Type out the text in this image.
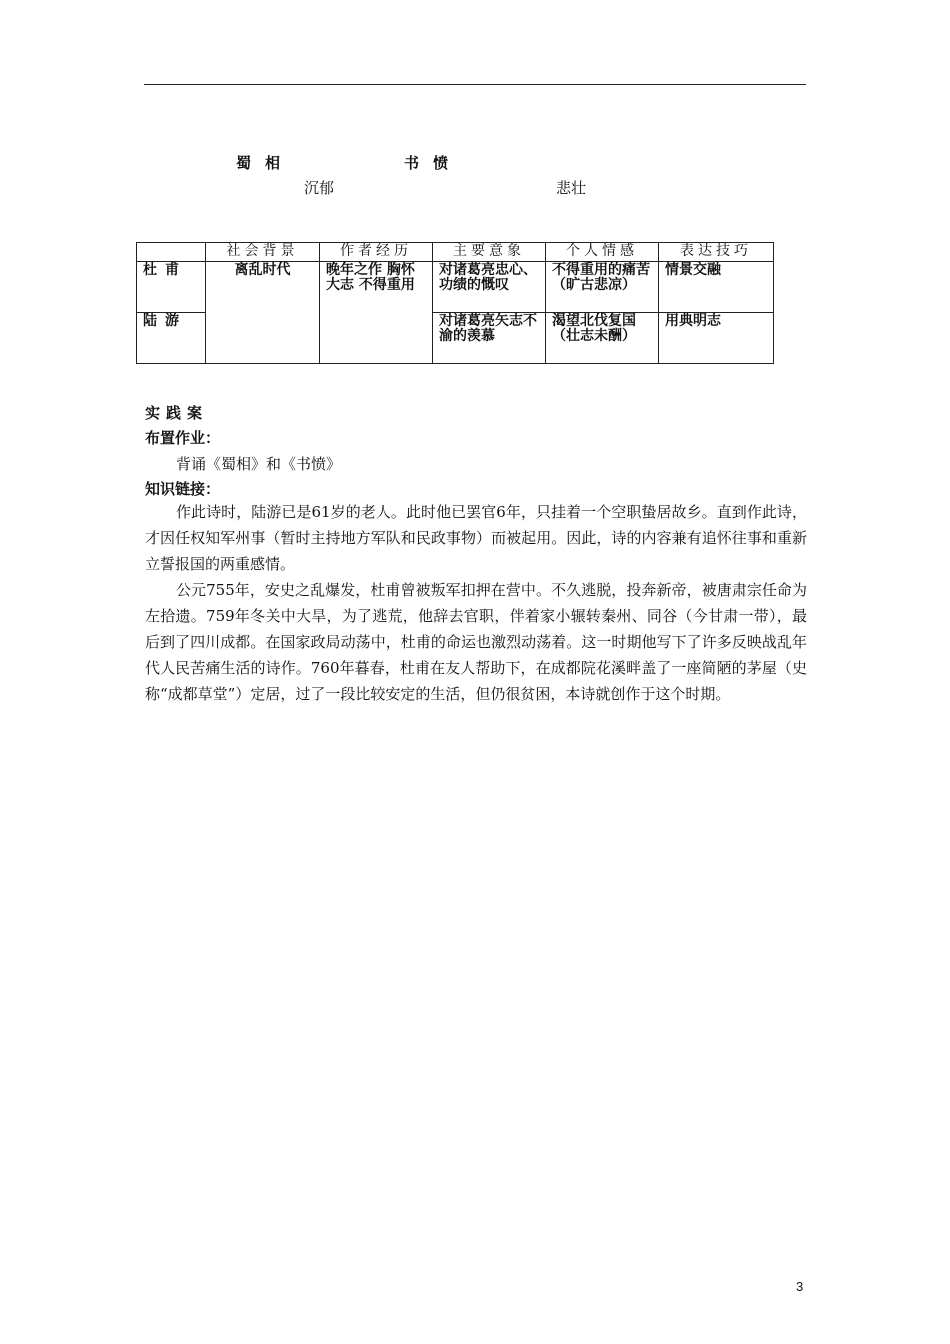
蜀相	书愤
沉郁	悲壮
	社会背景	作者经历	主要意象	个人情感	表达技巧
杜甫	离乱时代	晚年之作 胸怀大志 不得重用	对诸葛亮忠心、功绩的慨叹	不得重用的痛苦（旷古悲凉）	情景交融
陆游			对诸葛亮矢志不渝的羡慕	渴望北伐复国（壮志未酬）	用典明志
实践案
布置作业：
背诵《蜀相》和《书愤》
知识链接：
作此诗时，陆游已是61岁的老人。此时他已罢官6年，只挂着一个空职蛰居故乡。直到作此诗，才因任权知军州事（暂时主持地方军队和民政事物）而被起用。因此，诗的内容兼有追怀往事和重新立誓报国的两重感情。
公元755年，安史之乱爆发，杜甫曾被叛军扣押在营中。不久逃脱，投奔新帝，被唐肃宗任命为左拾遗。759年冬关中大旱，为了逃荒，他辞去官职，伴着家小辗转秦州、同谷（今甘肃一带），最后到了四川成都。在国家政局动荡中，杜甫的命运也激烈动荡着。这一时期他写下了许多反映战乱年代人民苦痛生活的诗作。760年暮春，杜甫在友人帮助下，在成都院花溪畔盖了一座简陋的茅屋（史称“成都草堂”）定居，过了一段比较安定的生活，但仍很贫困，本诗就创作于这个时期。
3
